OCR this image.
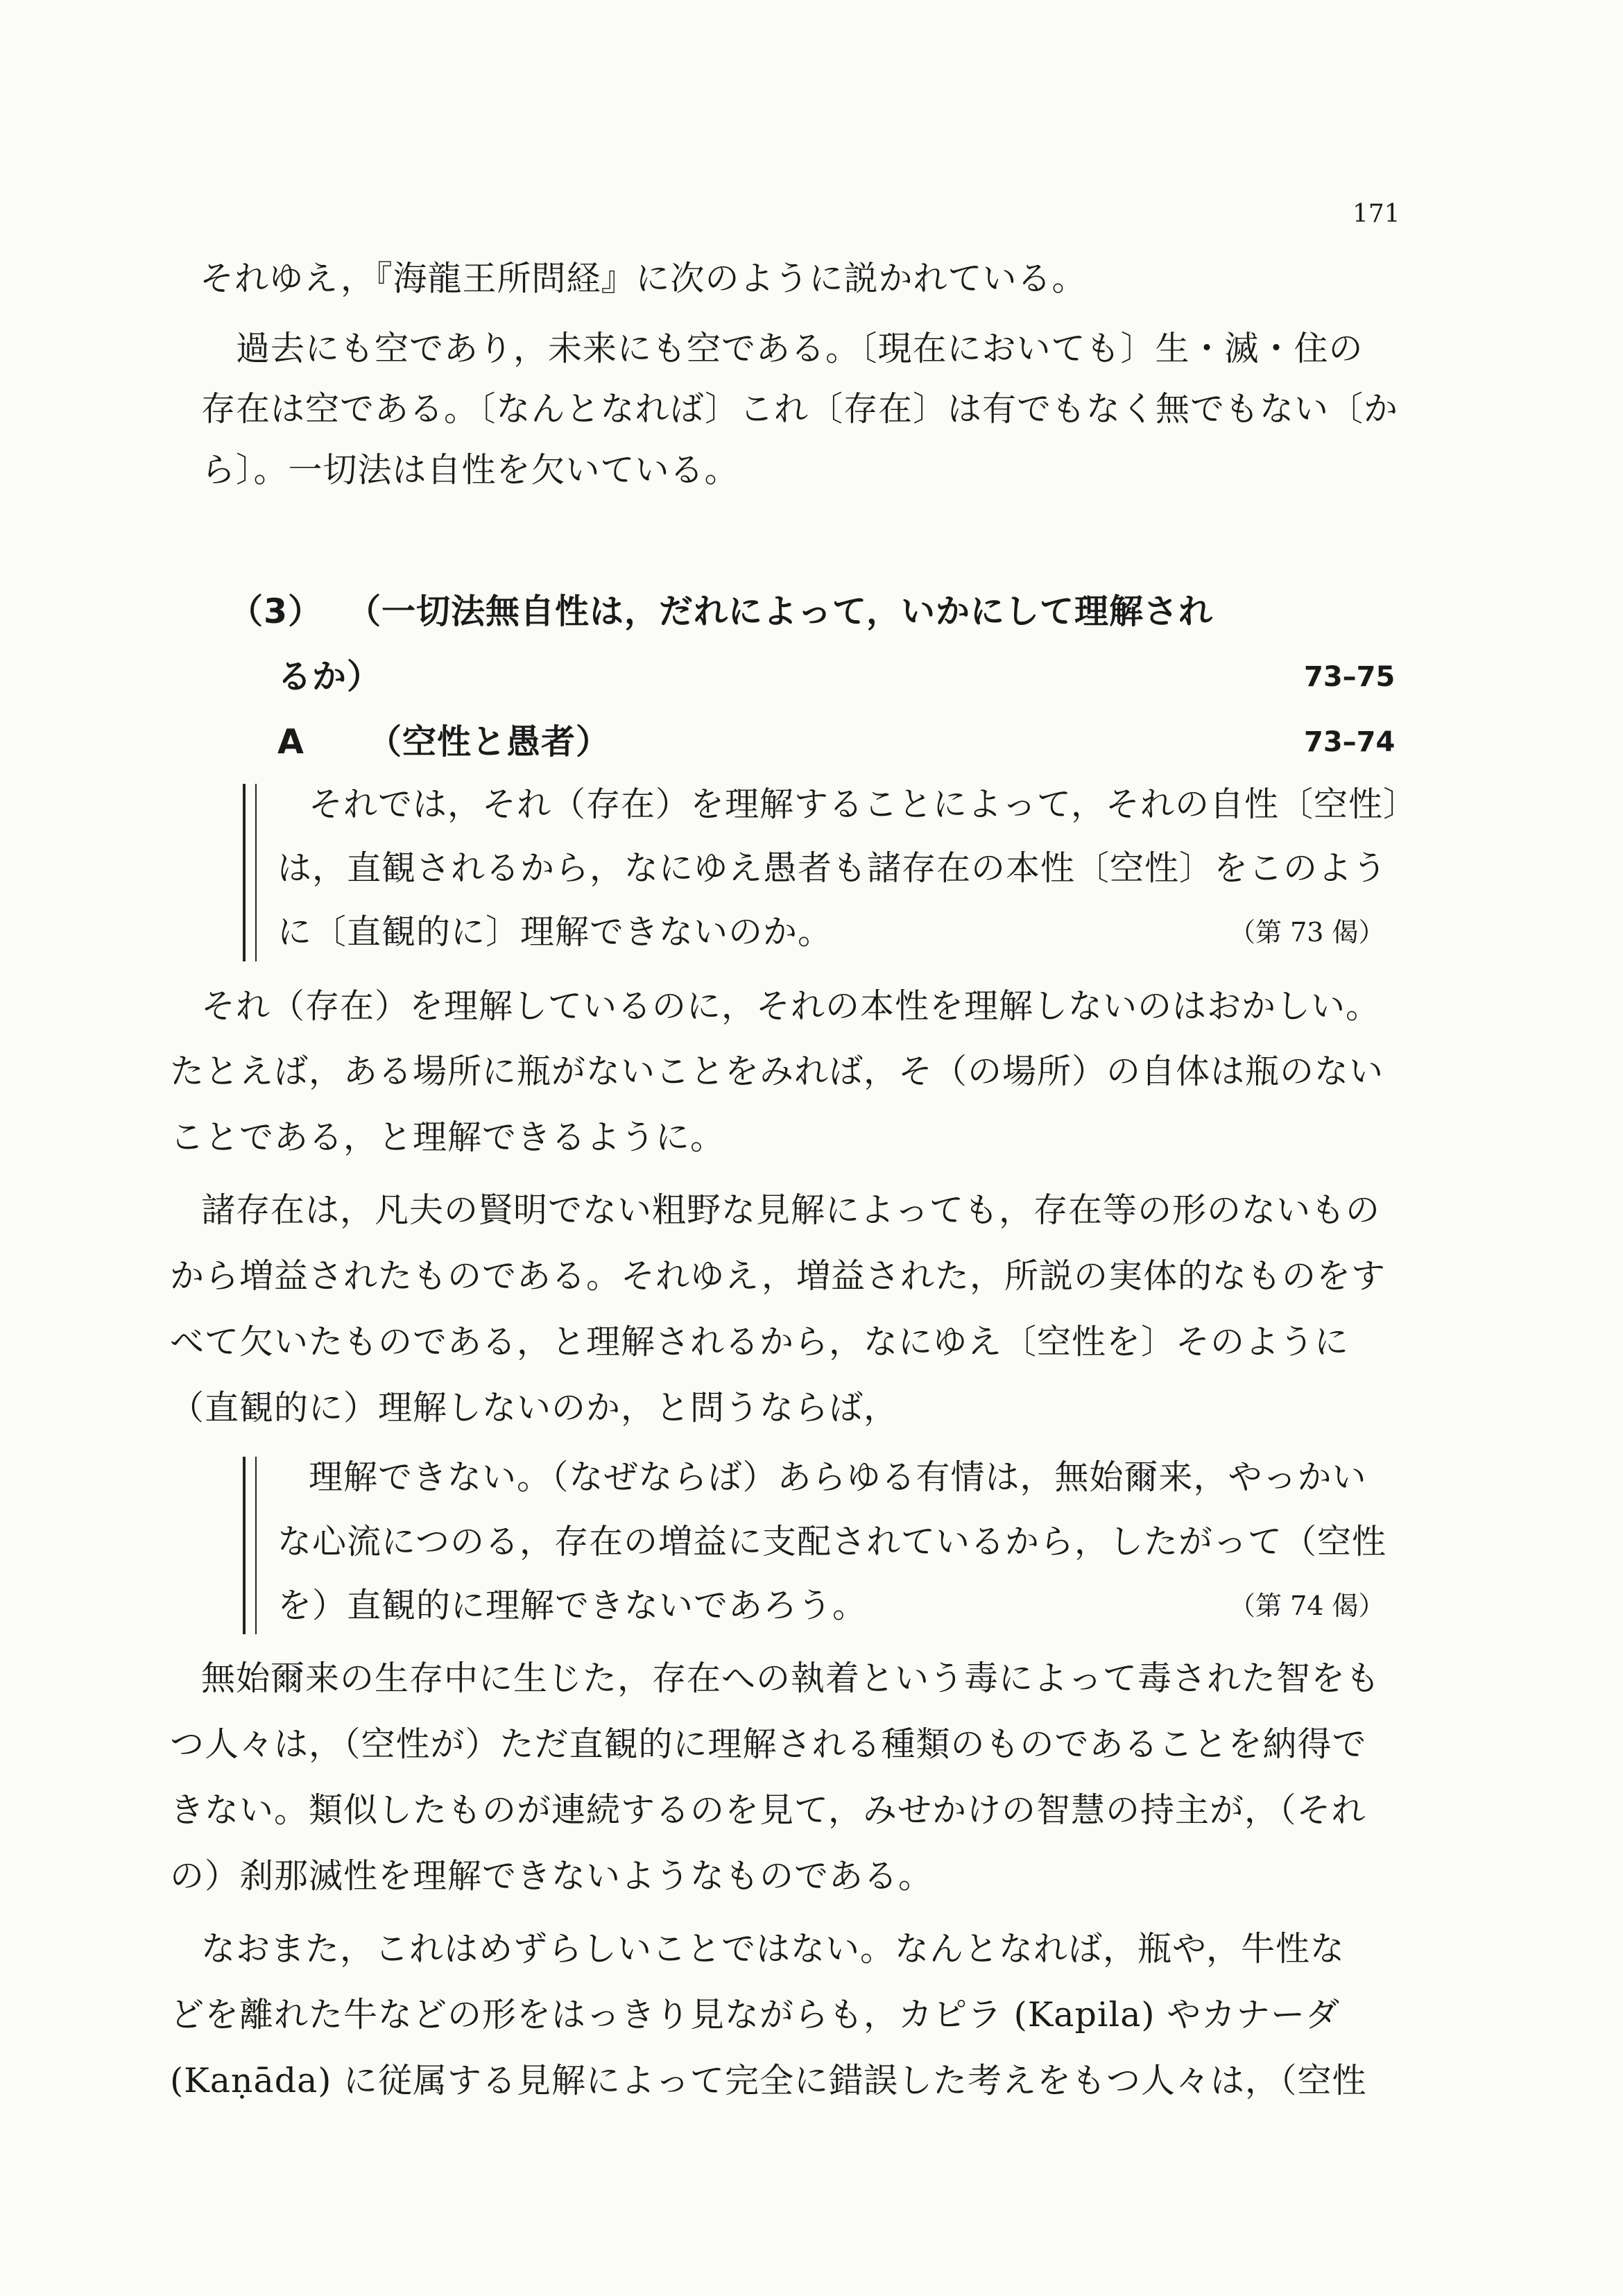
171
それゆえ，『海龍王所問経』に次のように説かれている。
過去にも空であり，未来にも空である。〔現在においても〕生・滅・住の
存在は空である。〔なんとなれば〕これ〔存在〕は有でもなく無でもない〔か
ら〕。一切法は自性を欠いている。
（3） （一切法無自性は，だれによって，いかにして理解され
るか）	73–75
A （空性と愚者）	73–74
それでは，それ（存在）を理解することによって，それの自性〔空性〕
は，直観されるから，なにゆえ愚者も諸存在の本性〔空性〕をこのよう
に〔直観的に〕理解できないのか。	（第 73 偈）
それ（存在）を理解しているのに，それの本性を理解しないのはおかしい。
たとえば，ある場所に瓶がないことをみれば，そ（の場所）の自体は瓶のない
ことである，と理解できるように。
諸存在は，凡夫の賢明でない粗野な見解によっても，存在等の形のないもの
から増益されたものである。それゆえ，増益された，所説の実体的なものをす
べて欠いたものである，と理解されるから，なにゆえ〔空性を〕そのように
（直観的に）理解しないのか，と問うならば，
理解できない。（なぜならば）あらゆる有情は，無始爾来，やっかい
な心流につのる，存在の増益に支配されているから，したがって（空性
を）直観的に理解できないであろう。	（第 74 偈）
無始爾来の生存中に生じた，存在への執着という毒によって毒された智をも
つ人々は，（空性が）ただ直観的に理解される種類のものであることを納得で
きない。類似したものが連続するのを見て，みせかけの智慧の持主が，（それ
の）刹那滅性を理解できないようなものである。
なおまた，これはめずらしいことではない。なんとなれば，瓶や，牛性な
どを離れた牛などの形をはっきり見ながらも，カピラ (Kapila) やカナーダ
(Kaṇāda) に従属する見解によって完全に錯誤した考えをもつ人々は，（空性
